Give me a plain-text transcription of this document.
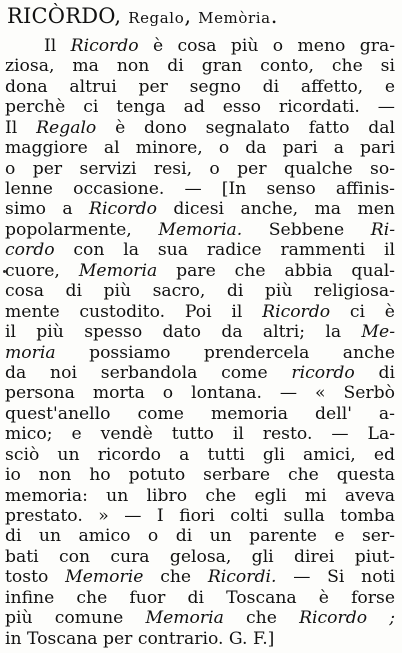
RICÒRDO, Regalo, Memòria.
Il Ricordo è cosa più o meno gra-
ziosa, ma non di gran conto, che si
dona altrui per segno di affetto, e
perchè ci tenga ad esso ricordati. —
Il Regalo è dono segnalato fatto dal
maggiore al minore, o da pari a pari
o per servizi resi, o per qualche so-
lenne occasione. — [In senso affinis-
simo a Ricordo dicesi anche, ma men
popolarmente, Memoria. Sebbene Ri-
cordo con la sua radice rammenti il
cuore, Memoria pare che abbia qual-
cosa di più sacro, di più religiosa-
mente custodito. Poi il Ricordo ci è
il più spesso dato da altri; la Me-
moria possiamo prendercela anche
da noi serbandola come ricordo di
persona morta o lontana. — « Serbò
quest'anello come memoria dell' a-
mico; e vendè tutto il resto. — La-
sciò un ricordo a tutti gli amici, ed
io non ho potuto serbare che questa
memoria: un libro che egli mi aveva
prestato. » — I fiori colti sulla tomba
di un amico o di un parente e ser-
bati con cura gelosa, gli direi piut-
tosto Memorie che Ricordi. — Si noti
infine che fuor di Toscana è forse
più comune Memoria che Ricordo ;
in Toscana per contrario. G. F.]
